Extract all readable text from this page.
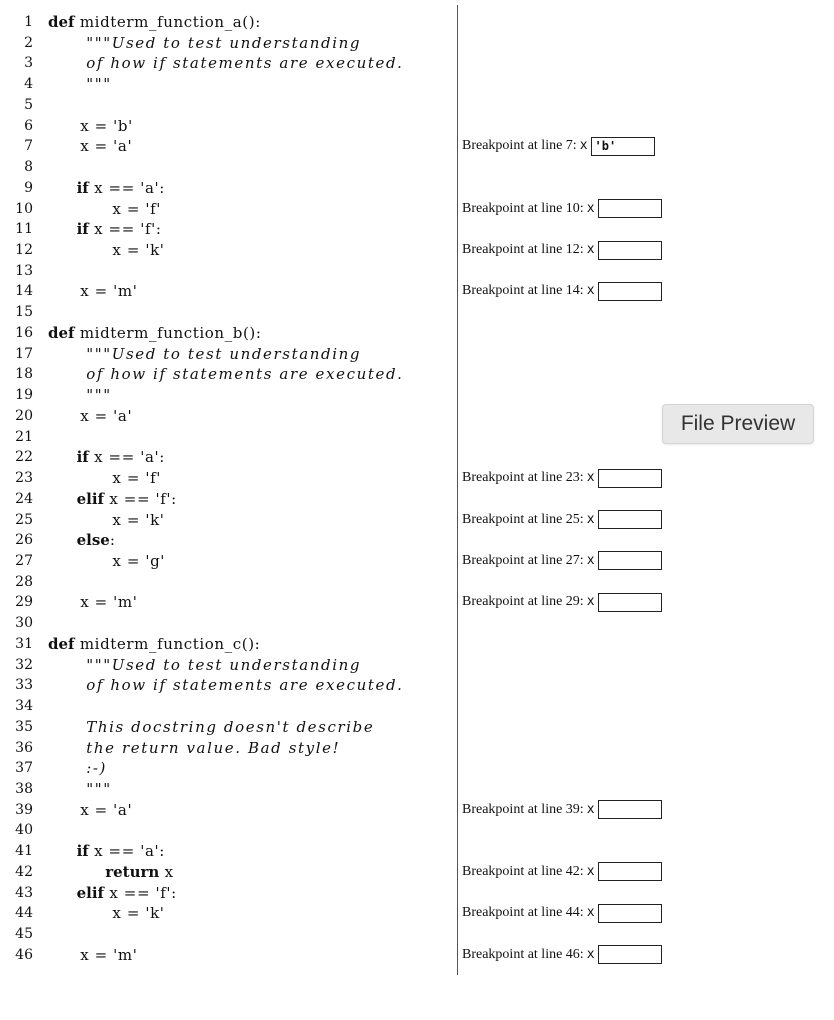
1 def midterm_function_a():
2 """Used to test understanding
3 of how if statements are executed.
4 """
5
6 x = 'b'
7 x = 'a'
8
9	if x == 'a':
10 x = 'f'
11	if x == 'f':
12 x = 'k'
13
14 x = 'm'
15
16 def midterm_function_b():
17 """Used to test understanding
18 of how if statements are executed.
19 """
20 x = 'a'
21
22	if x == 'a':
23 x = 'f'
24	elif x == 'f':
25 x = 'k'
26	else:
27 x = 'g'
28
29 x = 'm'
30
31 def midterm_function_c():
32 """Used to test understanding
33 of how if statements are executed.
34
35 This docstring doesn't describe
36 the return value. Bad style!
37 :-)
38 """
39 x = 'a'
40
41	if x == 'a':
42	return x
43	elif x == 'f':
44 x = 'k'
45
46 x = 'm'
Breakpoint at line 7: x 'b'
Breakpoint at line 10: x
Breakpoint at line 12: x
Breakpoint at line 14: x
Breakpoint at line 23: x
Breakpoint at line 25: x
Breakpoint at line 27: x
Breakpoint at line 29: x
Breakpoint at line 39: x
Breakpoint at line 42: x
Breakpoint at line 44: x
Breakpoint at line 46: x
File Preview
